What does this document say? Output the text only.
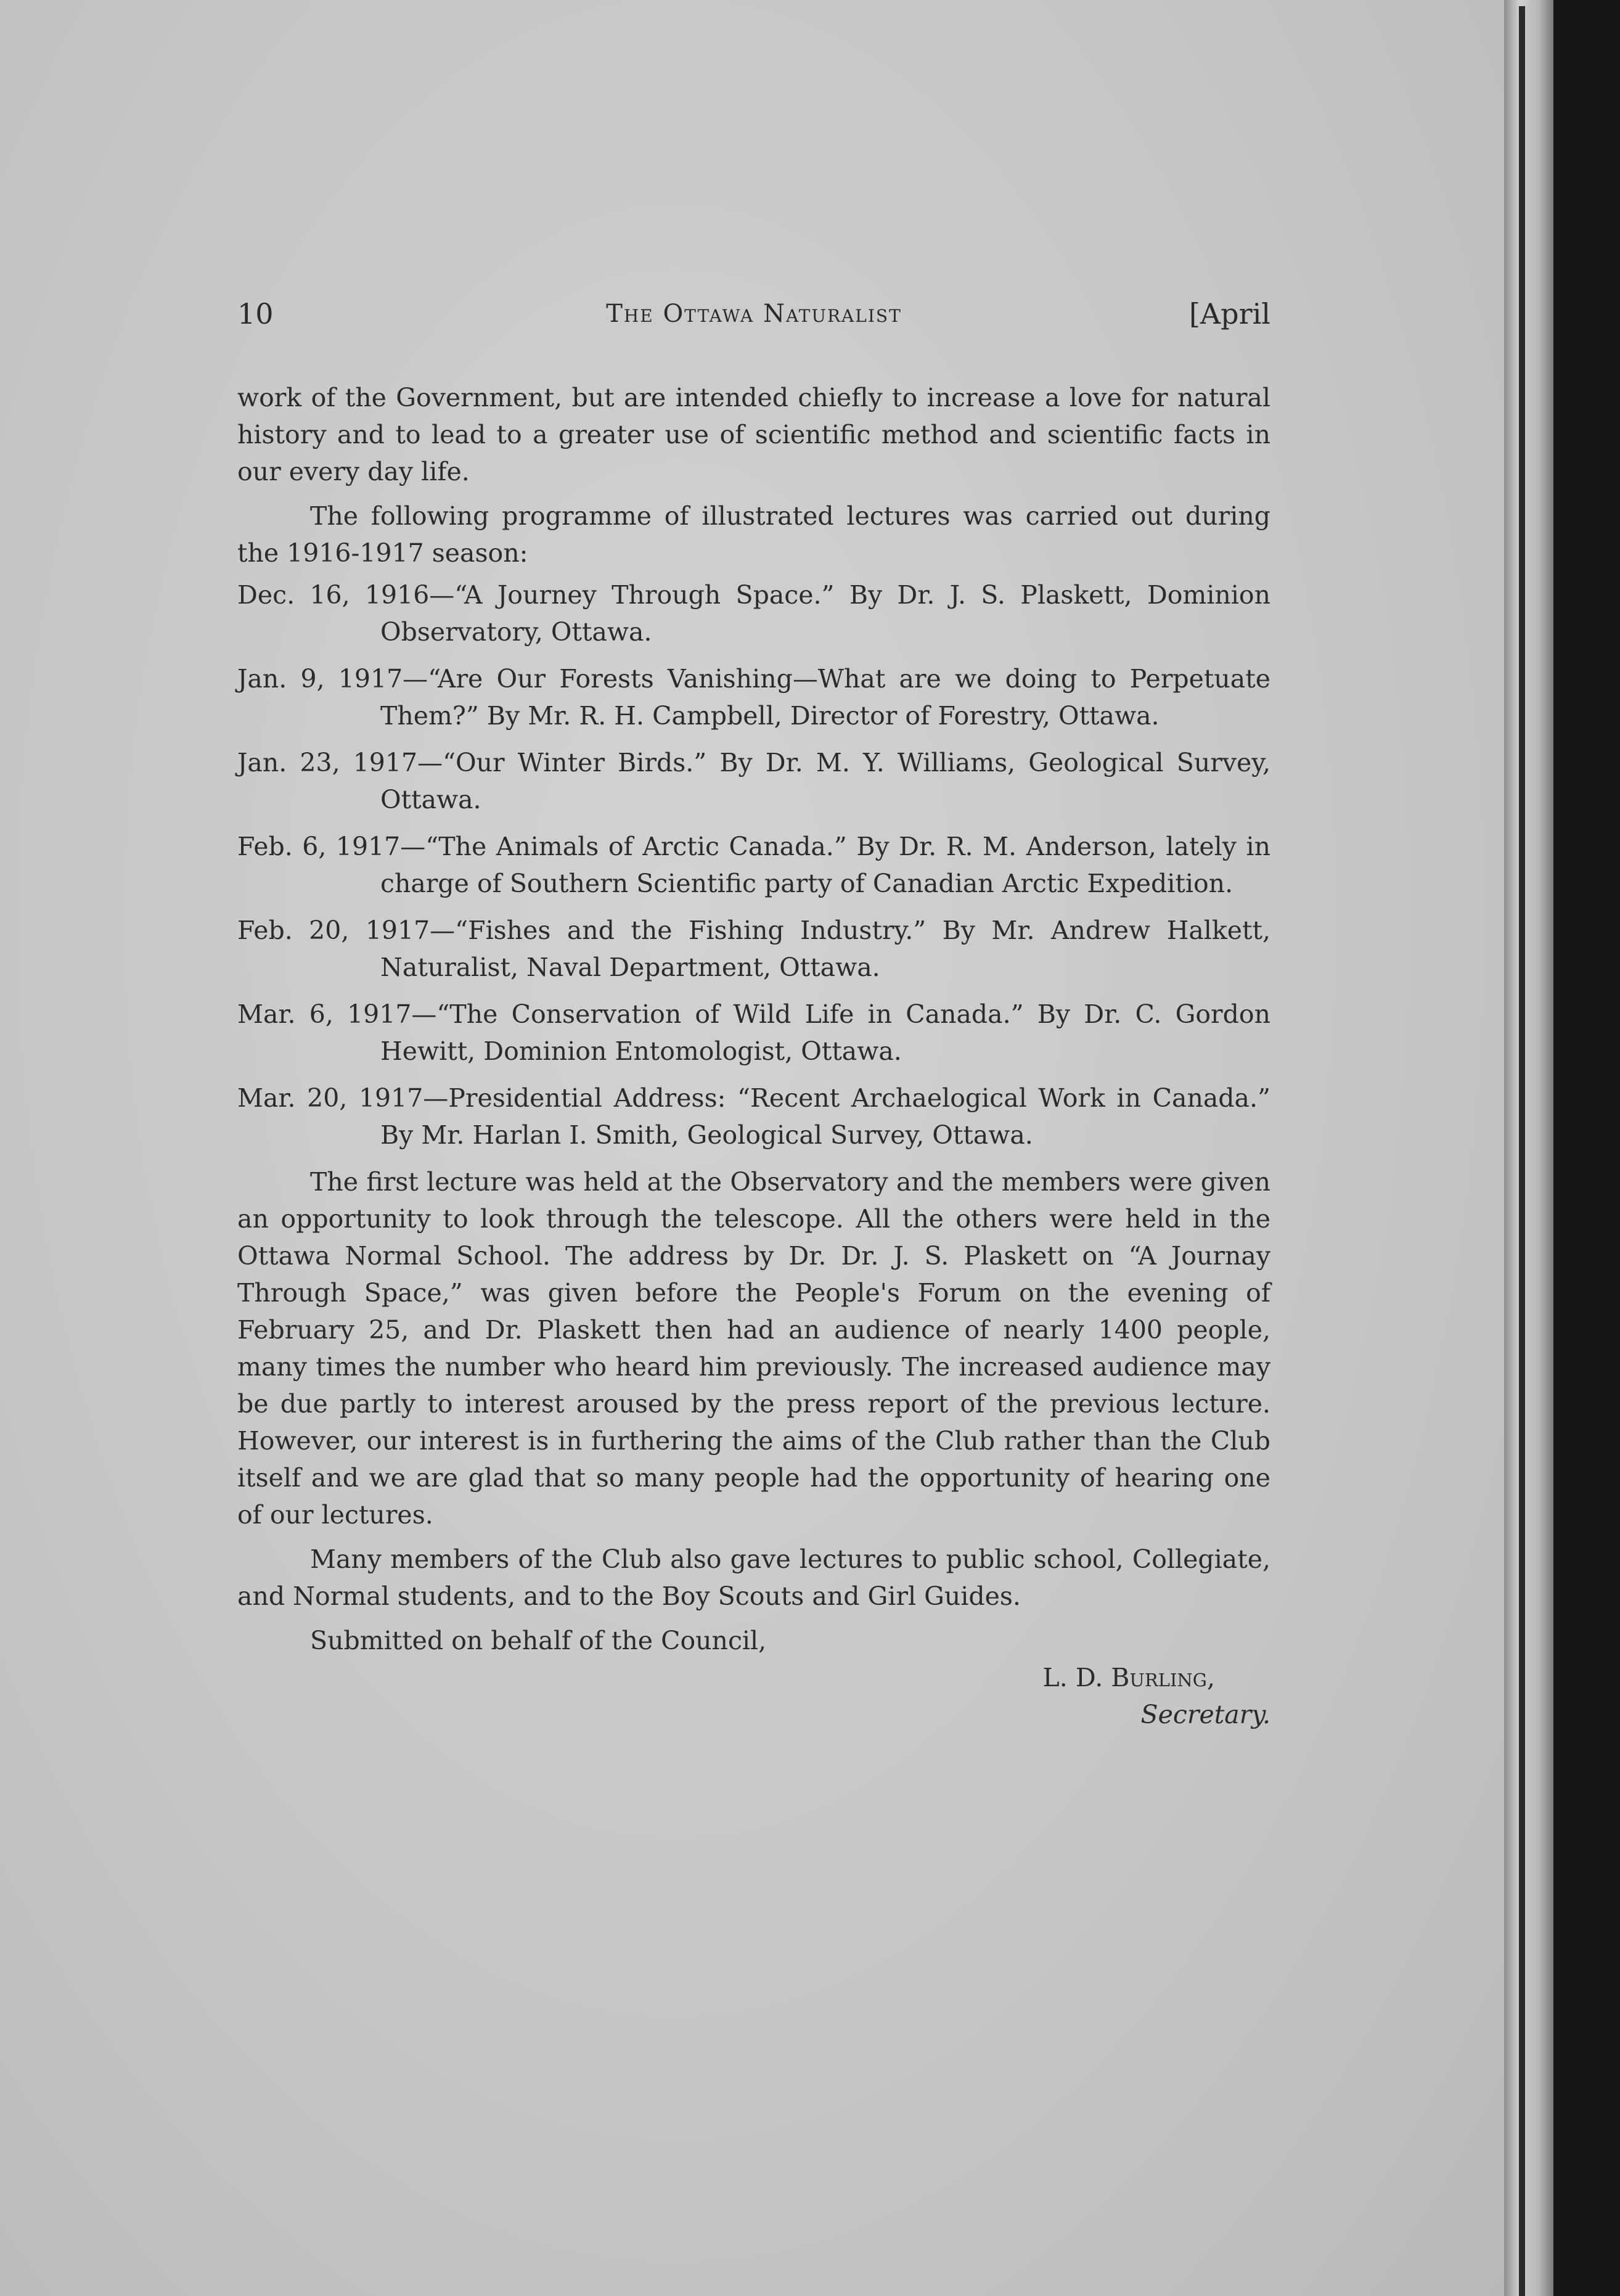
10	The Ottawa Naturalist	[April

work of the Government, but are intended chiefly to increase a love for natural history and to lead to a greater use of scientific method and scientific facts in our every day life.

The following programme of illustrated lectures was carried out during the 1916-1917 season:

Dec. 16, 1916—“A Journey Through Space.” By Dr. J. S. Plaskett, Dominion Observatory, Ottawa.
Jan. 9, 1917—“Are Our Forests Vanishing—What are we doing to Perpetuate Them?” By Mr. R. H. Campbell, Director of Forestry, Ottawa.
Jan. 23, 1917—“Our Winter Birds.” By Dr. M. Y. Williams, Geological Survey, Ottawa.
Feb. 6, 1917—“The Animals of Arctic Canada.” By Dr. R. M. Anderson, lately in charge of Southern Scientific party of Canadian Arctic Expedition.
Feb. 20, 1917—“Fishes and the Fishing Industry.” By Mr. Andrew Halkett, Naturalist, Naval Department, Ottawa.
Mar. 6, 1917—“The Conservation of Wild Life in Canada.” By Dr. C. Gordon Hewitt, Dominion Entomologist, Ottawa.
Mar. 20, 1917—Presidential Address: “Recent Archaelogical Work in Canada.” By Mr. Harlan I. Smith, Geological Survey, Ottawa.

The first lecture was held at the Observatory and the members were given an opportunity to look through the telescope. All the others were held in the Ottawa Normal School. The address by Dr. Dr. J. S. Plaskett on “A Journay Through Space,” was given before the People's Forum on the evening of February 25, and Dr. Plaskett then had an audience of nearly 1400 people, many times the number who heard him previously. The increased audience may be due partly to interest aroused by the press report of the previous lecture. However, our interest is in furthering the aims of the Club rather than the Club itself and we are glad that so many people had the opportunity of hearing one of our lectures.

Many members of the Club also gave lectures to public school, Collegiate, and Normal students, and to the Boy Scouts and Girl Guides.

Submitted on behalf of the Council,

L. D. Burling,
Secretary.
